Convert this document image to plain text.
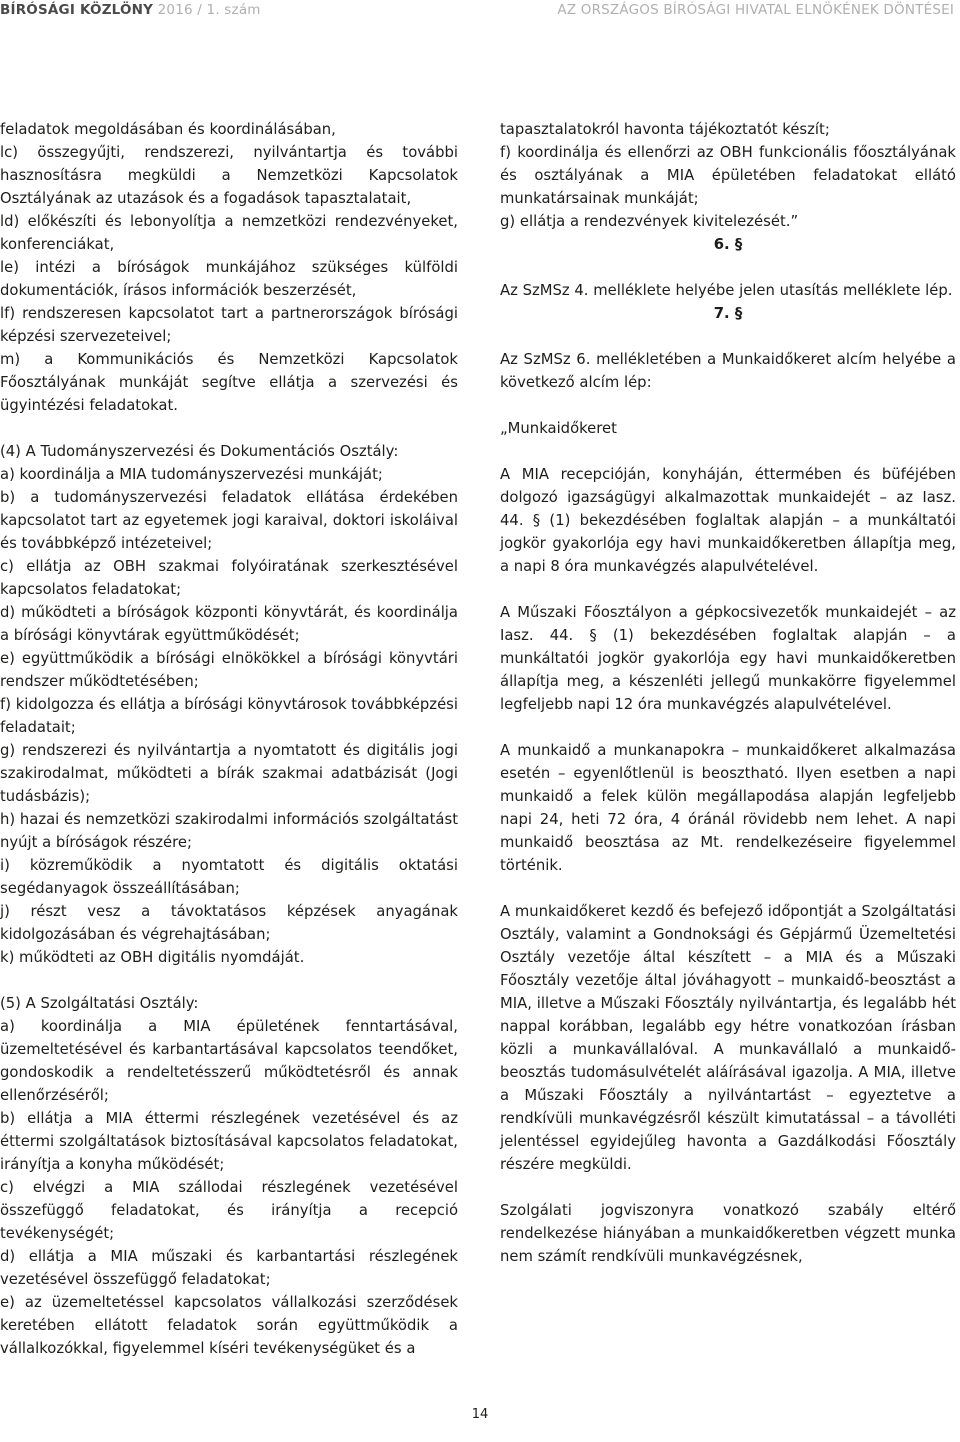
BÍRÓSÁGI KÖZLÖNY 2016 / 1. szám	AZ ORSZÁGOS BÍRÓSÁGI HIVATAL ELNÖKÉNEK DÖNTÉSEI

feladatok megoldásában és koordinálásában,

lc) összegyűjti, rendszerezi, nyilvántartja és további hasznosításra megküldi a Nemzetközi Kapcsolatok Osztályának az utazások és a fogadások tapasztalatait,

ld) előkészíti és lebonyolítja a nemzetközi rendezvényeket, konferenciákat,

le) intézi a bíróságok munkájához szükséges külföldi dokumentációk, írásos információk beszerzését,

lf) rendszeresen kapcsolatot tart a partnerországok bírósági képzési szervezeteivel;

m) a Kommunikációs és Nemzetközi Kapcsolatok Főosztályának munkáját segítve ellátja a szervezési és ügyintézési feladatokat.

(4) A Tudományszervezési és Dokumentációs Osztály:

a) koordinálja a MIA tudományszervezési munkáját;

b) a tudományszervezési feladatok ellátása érdekében kapcsolatot tart az egyetemek jogi karaival, doktori iskoláival és továbbképző intézeteivel;

c) ellátja az OBH szakmai folyóiratának szerkesztésével kapcsolatos feladatokat;

d) működteti a bíróságok központi könyvtárát, és koordinálja a bírósági könyvtárak együttműködését;

e) együttműködik a bírósági elnökökkel a bírósági könyvtári rendszer működtetésében;

f) kidolgozza és ellátja a bírósági könyvtárosok továbbképzési feladatait;

g) rendszerezi és nyilvántartja a nyomtatott és digitális jogi szakirodalmat, működteti a bírák szakmai adatbázisát (Jogi tudásbázis);

h) hazai és nemzetközi szakirodalmi információs szolgáltatást nyújt a bíróságok részére;

i) közreműködik a nyomtatott és digitális oktatási segédanyagok összeállításában;

j) részt vesz a távoktatásos képzések anyagának kidolgozásában és végrehajtásában;

k) működteti az OBH digitális nyomdáját.

(5) A Szolgáltatási Osztály:

a) koordinálja a MIA épületének fenntartásával, üzemeltetésével és karbantartásával kapcsolatos teendőket, gondoskodik a rendeltetésszerű működtetésről és annak ellenőrzéséről;

b) ellátja a MIA éttermi részlegének vezetésével és az éttermi szolgáltatások biztosításával kapcsolatos feladatokat, irányítja a konyha működését;

c) elvégzi a MIA szállodai részlegének vezetésével összefüggő feladatokat, és irányítja a recepció tevékenységét;

d) ellátja a MIA műszaki és karbantartási részlegének vezetésével összefüggő feladatokat;

e) az üzemeltetéssel kapcsolatos vállalkozási szerződések keretében ellátott feladatok során együttműködik a vállalkozókkal, figyelemmel kíséri tevékenységüket és a

tapasztalatokról havonta tájékoztatót készít;

f) koordinálja és ellenőrzi az OBH funkcionális főosztályának és osztályának a MIA épületében feladatokat ellátó munkatársainak munkáját;

g) ellátja a rendezvények kivitelezését.”

6. §

Az SzMSz 4. melléklete helyébe jelen utasítás melléklete lép.

7. §

Az SzMSz 6. mellékletében a Munkaidőkeret alcím helyébe a következő alcím lép:

„Munkaidőkeret

A MIA recepcióján, konyháján, éttermében és büféjében dolgozó igazságügyi alkalmazottak munkaidejét – az Iasz. 44. § (1) bekezdésében foglaltak alapján – a munkáltatói jogkör gyakorlója egy havi munkaidőkeretben állapítja meg, a napi 8 óra munkavégzés alapulvételével.

A Műszaki Főosztályon a gépkocsivezetők munkaidejét – az Iasz. 44. § (1) bekezdésében foglaltak alapján – a munkáltatói jogkör gyakorlója egy havi munkaidőkeretben állapítja meg, a készenléti jellegű munkakörre figyelemmel legfeljebb napi 12 óra munkavégzés alapulvételével.

A munkaidő a munkanapokra – munkaidőkeret alkalmazása esetén – egyenlőtlenül is beosztható. Ilyen esetben a napi munkaidő a felek külön megállapodása alapján legfeljebb napi 24, heti 72 óra, 4 óránál rövidebb nem lehet. A napi munkaidő beosztása az Mt. rendelkezéseire figyelemmel történik.

A munkaidőkeret kezdő és befejező időpontját a Szolgáltatási Osztály, valamint a Gondnoksági és Gépjármű Üzemeltetési Osztály vezetője által készített – a MIA és a Műszaki Főosztály vezetője által jóváhagyott – munkaidő-beosztást a MIA, illetve a Műszaki Főosztály nyilvántartja, és legalább hét nappal korábban, legalább egy hétre vonatkozóan írásban közli a munkavállalóval. A munkavállaló a munkaidő-beosztás tudomásulvételét aláírásával igazolja. A MIA, illetve a Műszaki Főosztály a nyilvántartást – egyeztetve a rendkívüli munkavégzésről készült kimutatással – a távolléti jelentéssel egyidejűleg havonta a Gazdálkodási Főosztály részére megküldi.

Szolgálati jogviszonyra vonatkozó szabály eltérő rendelkezése hiányában a munkaidőkeretben végzett munka nem számít rendkívüli munkavégzésnek,

14
